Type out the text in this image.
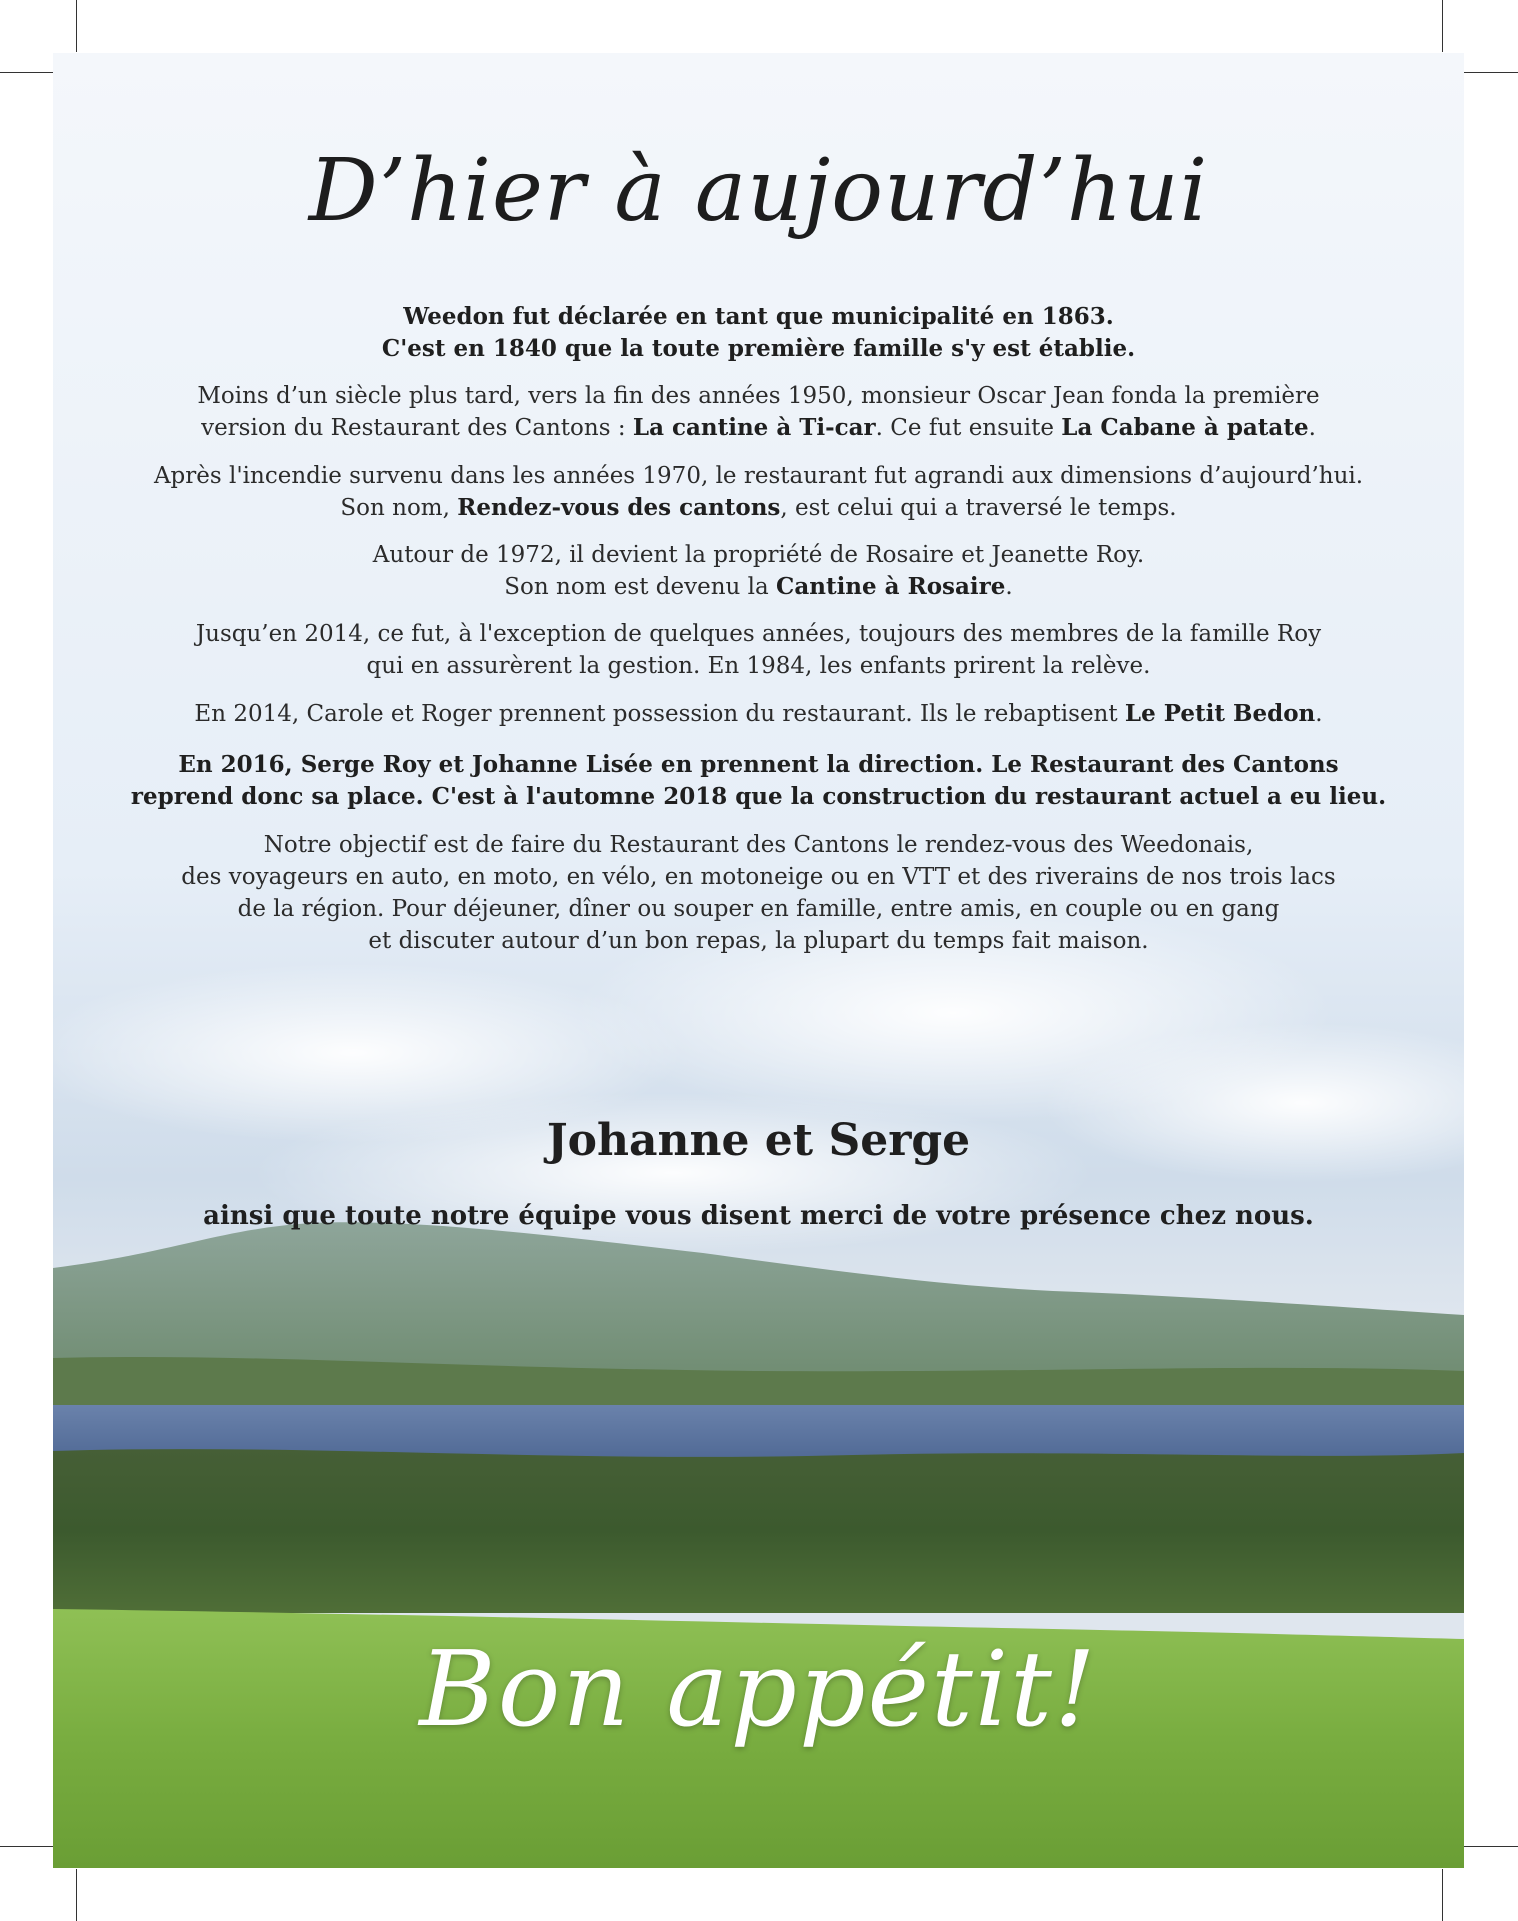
D’hier à aujourd’hui
Weedon fut déclarée en tant que municipalité en 1863.
C'est en 1840 que la toute première famille s'y est établie.
Moins d’un siècle plus tard, vers la fin des années 1950, monsieur Oscar Jean fonda la première
version du Restaurant des Cantons : La cantine à Ti-car. Ce fut ensuite La Cabane à patate.
Après l'incendie survenu dans les années 1970, le restaurant fut agrandi aux dimensions d’aujourd’hui.
Son nom, Rendez-vous des cantons, est celui qui a traversé le temps.
Autour de 1972, il devient la propriété de Rosaire et Jeanette Roy.
Son nom est devenu la Cantine à Rosaire.
Jusqu’en 2014, ce fut, à l'exception de quelques années, toujours des membres de la famille Roy
qui en assurèrent la gestion. En 1984, les enfants prirent la relève.
En 2014, Carole et Roger prennent possession du restaurant. Ils le rebaptisent Le Petit Bedon.
En 2016, Serge Roy et Johanne Lisée en prennent la direction. Le Restaurant des Cantons
reprend donc sa place. C'est à l'automne 2018 que la construction du restaurant actuel a eu lieu.
Notre objectif est de faire du Restaurant des Cantons le rendez-vous des Weedonais,
des voyageurs en auto, en moto, en vélo, en motoneige ou en VTT et des riverains de nos trois lacs
de la région. Pour déjeuner, dîner ou souper en famille, entre amis, en couple ou en gang
et discuter autour d’un bon repas, la plupart du temps fait maison.
Johanne et Serge
ainsi que toute notre équipe vous disent merci de votre présence chez nous.
Bon appétit!
